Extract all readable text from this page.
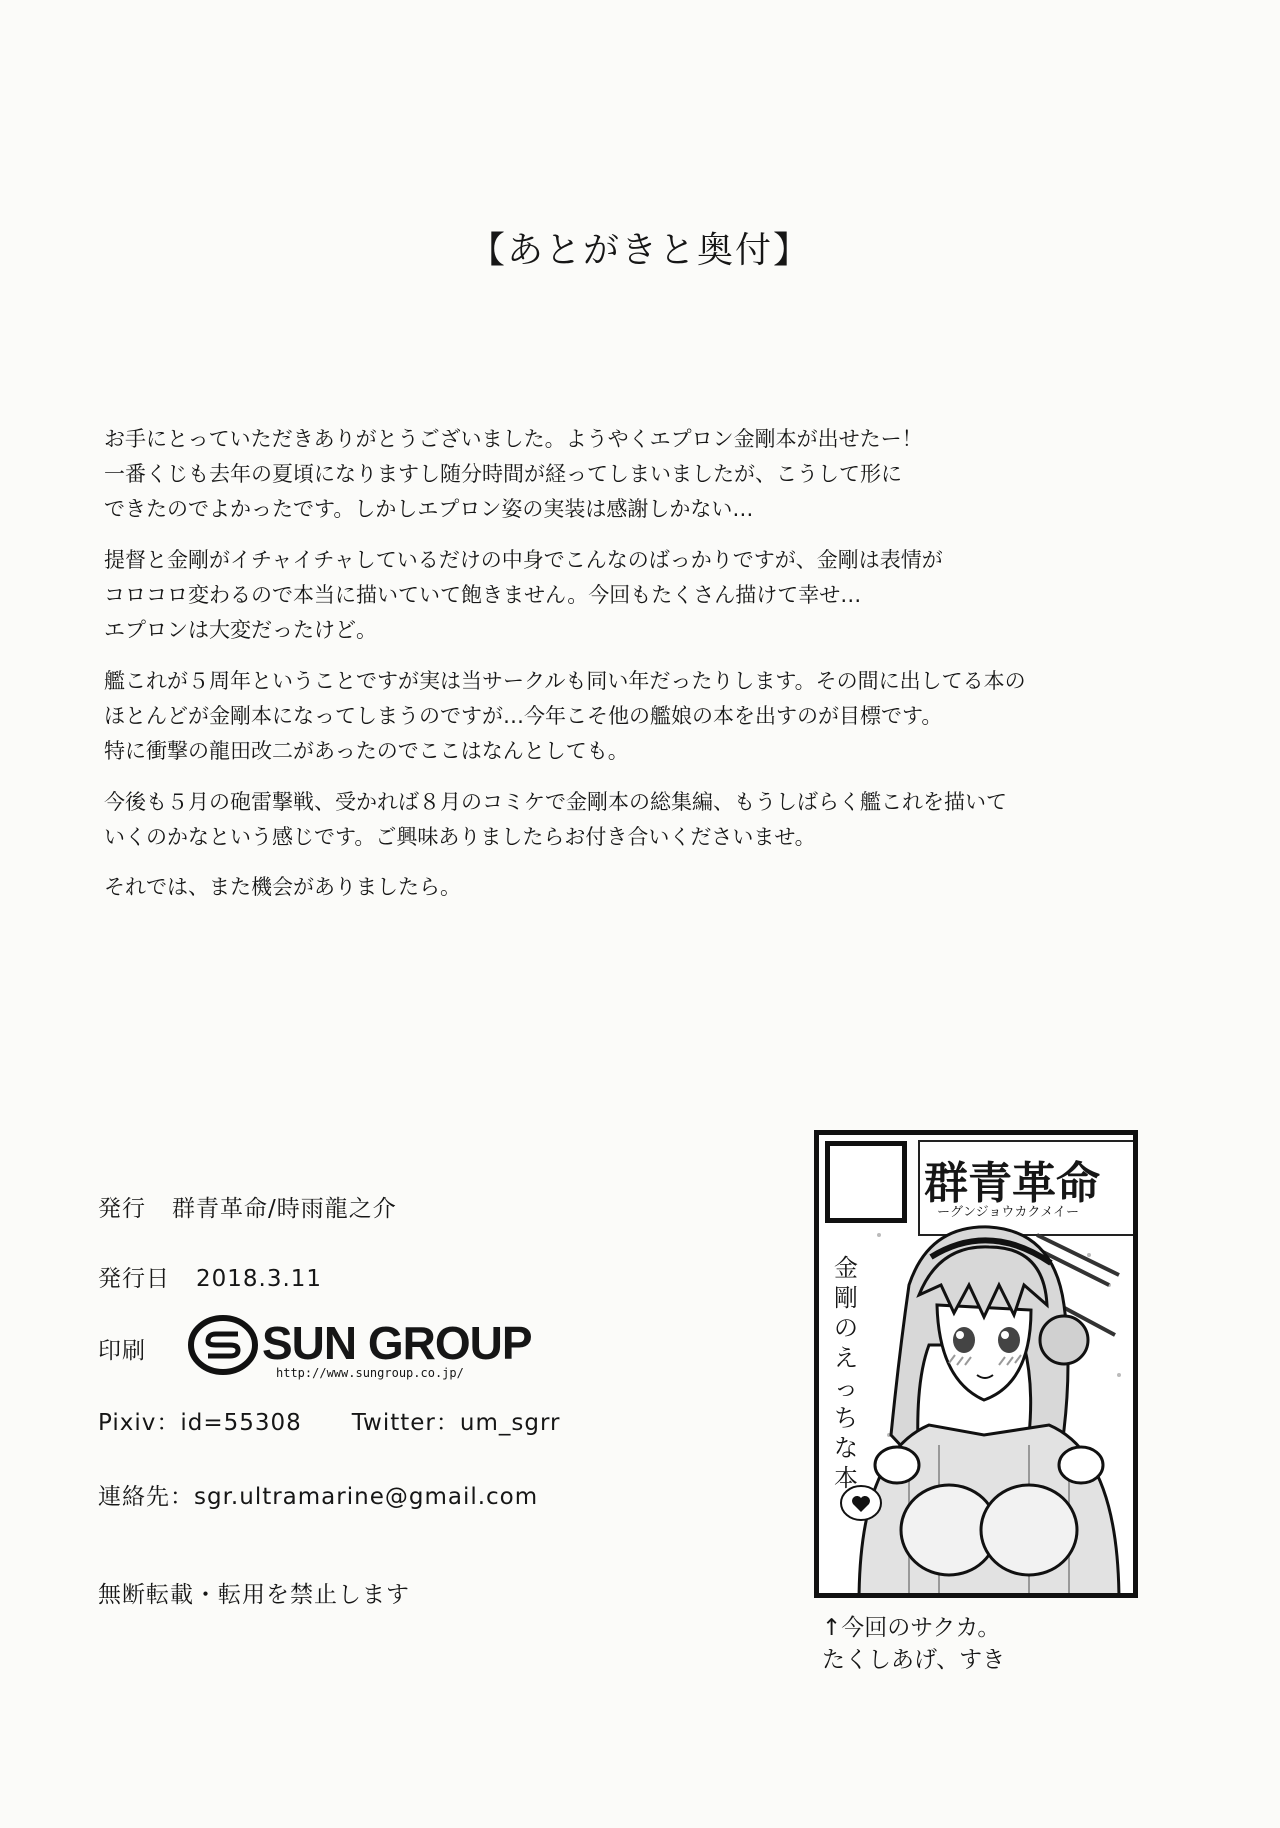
【あとがきと奥付】
お手にとっていただきありがとうございました。ようやくエプロン金剛本が出せたー！
一番くじも去年の夏頃になりますし随分時間が経ってしまいましたが、こうして形に
できたのでよかったです。しかしエプロン姿の実装は感謝しかない…
提督と金剛がイチャイチャしているだけの中身でこんなのばっかりですが、金剛は表情が
コロコロ変わるので本当に描いていて飽きません。今回もたくさん描けて幸せ…
エプロンは大変だったけど。
艦これが５周年ということですが実は当サークルも同い年だったりします。その間に出してる本の
ほとんどが金剛本になってしまうのですが…今年こそ他の艦娘の本を出すのが目標です。
特に衝撃の龍田改二があったのでここはなんとしても。
今後も５月の砲雷撃戦、受かれば８月のコミケで金剛本の総集編、もうしばらく艦これを描いて
いくのかなという感じです。ご興味ありましたらお付き合いくださいませ。
それでは、また機会がありましたら。
発行 群青革命/時雨龍之介
発行日 2018.3.11
印刷	SUN GROUP
http://www.sungroup.co.jp/
Pixiv：id=55308 Twitter：um_sgrr
連絡先：sgr.ultramarine@gmail.com
無断転載・転用を禁止します
群青革命
ーグンジョウカクメイー
金剛のえっちな本
↑今回のサクカ。
たくしあげ、すき
